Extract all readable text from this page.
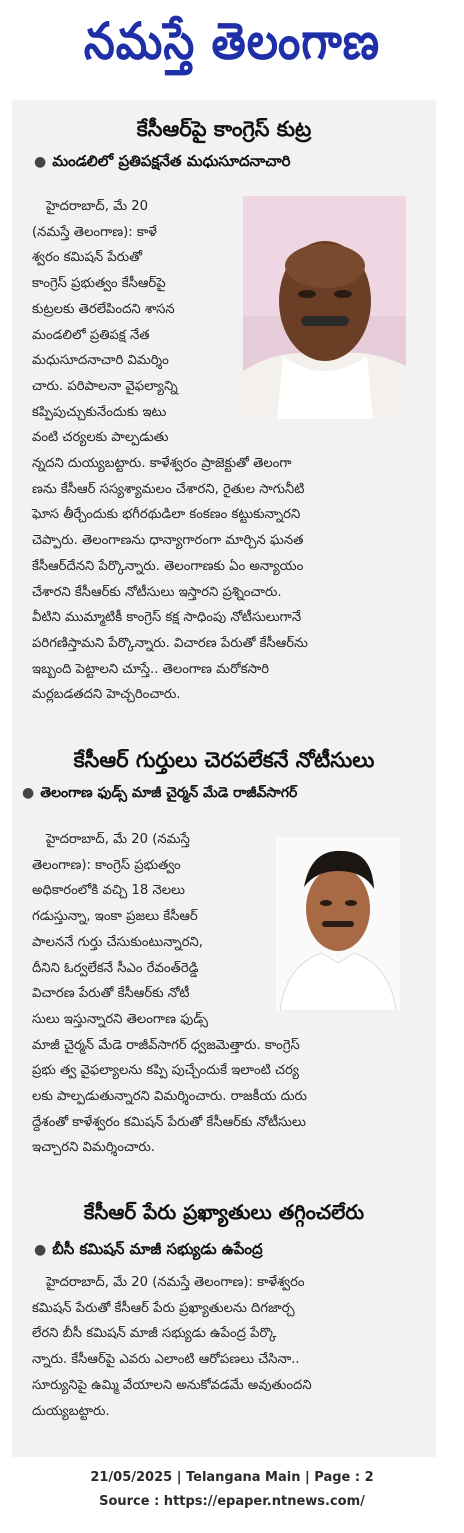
నమస్తే తెలంగాణ
కేసీఆర్‌పై కాంగ్రెస్ కుట్ర
● మండలిలో ప్రతిపక్షనేత మధుసూదనాచారి
హైదరాబాద్, మే 20
(నమస్తే తెలంగాణ): కాళే
శ్వరం కమిషన్ పేరుతో
కాంగ్రెస్ ప్రభుత్వం కేసీఆర్‌పై
కుట్రలకు తెరలేపిందని శాసన
మండలిలో ప్రతిపక్ష నేత
మధుసూదనాచారి విమర్శిం
చారు. పరిపాలనా వైఫల్యాన్ని
కప్పిపుచ్చుకునేందుకు ఇటు
వంటి చర్యలకు పాల్పడుతు
న్నదని దుయ్యబట్టారు. కాళేశ్వరం ప్రాజెక్టుతో తెలంగా
ణను కేసీఆర్ సస్యశ్యామలం చేశారని, రైతుల సాగునీటి
ఘోస తీర్చేందుకు భగీరథుడిలా కంకణం కట్టుకున్నారని
చెప్పారు. తెలంగాణను ధాన్యాగారంగా మార్చిన ఘనత
కేసీఆర్‌దేనని పేర్కొన్నారు. తెలంగాణకు ఏం అన్యాయం
చేశారని కేసీఆర్‌కు నోటీసులు ఇస్తారని ప్రశ్నించారు.
వీటిని ముమ్మాటికీ కాంగ్రెస్ కక్ష సాధింపు నోటీసులుగానే
పరిగణిస్తామని పేర్కొన్నారు. విచారణ పేరుతో కేసీఆర్‌ను
ఇబ్బంది పెట్టాలని చూస్తే.. తెలంగాణ మరోకసారి
మర్లబడతదని హెచ్చరించారు.
కేసీఆర్ గుర్తులు చెరపలేకనే నోటీసులు
● తెలంగాణ ఫుడ్స్ మాజీ చైర్మన్ మేడె రాజీవ్‌సాగర్
హైదరాబాద్, మే 20 (నమస్తే
తెలంగాణ): కాంగ్రెస్ ప్రభుత్వం
అధికారంలోకి వచ్చి 18 నెలలు
గడుస్తున్నా, ఇంకా ప్రజలు కేసీఆర్
పాలననే గుర్తు చేసుకుంటున్నారని,
దీనిని ఓర్వలేకనే సీఎం రేవంత్‌రెడ్డి
విచారణ పేరుతో కేసీఆర్‌కు నోటీ
సులు ఇస్తున్నారని తెలంగాణ ఫుడ్స్
మాజీ చైర్మన్ మేడె రాజీవ్‌సాగర్ ధ్వజమెత్తారు. కాంగ్రెస్
ప్రభు త్వ వైఫల్యాలను కప్పి పుచ్చేందుకే ఇలాంటి చర్య
లకు పాల్పడుతున్నారని విమర్శించారు. రాజకీయ దురు
ద్దేశంతో కాళేశ్వరం కమిషన్ పేరుతో కేసీఆర్‌కు నోటీసులు
ఇచ్చారని విమర్శించారు.
కేసీఆర్ పేరు ప్రఖ్యాతులు తగ్గించలేరు
● బీసీ కమిషన్ మాజీ సభ్యుడు ఉపేంద్ర
హైదరాబాద్, మే 20 (నమస్తే తెలంగాణ): కాళేశ్వరం
కమిషన్ పేరుతో కేసీఆర్ పేరు ప్రఖ్యాతులను దిగజార్చ
లేరని బీసీ కమిషన్ మాజీ సభ్యుడు ఉపేంద్ర పేర్కొ
న్నారు. కేసీఆర్‌పై ఎవరు ఎలాంటి ఆరోపణలు చేసినా..
సూర్యునిపై ఉమ్మి వేయాలని అనుకోవడమే అవుతుందని
దుయ్యబట్టారు.
21/05/2025 | Telangana Main | Page : 2
Source : https://epaper.ntnews.com/
